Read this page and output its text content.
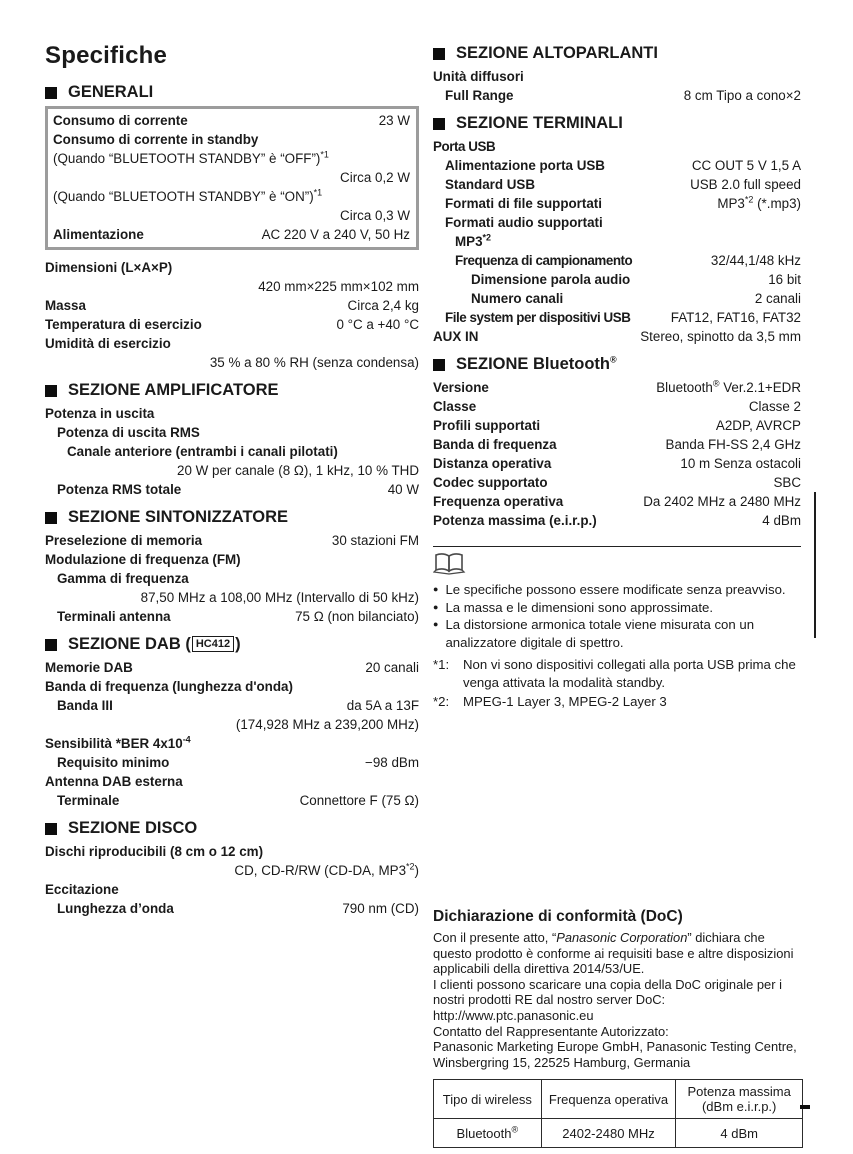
Specifiche
GENERALI
Consumo di corrente	23 W
Consumo di corrente in standby
(Quando “BLUETOOTH STANDBY” è “OFF”)$^{*1}$
Circa 0,2 W
(Quando “BLUETOOTH STANDBY” è “ON”)$^{*1}$
Circa 0,3 W
Alimentazione	AC 220 V a 240 V, 50 Hz
Dimensioni (L×A×P)
420 mm×225 mm×102 mm
Massa	Circa 2,4 kg
Temperatura di esercizio	0 °C a +40 °C
Umidità di esercizio
35 % a 80 % RH (senza condensa)
SEZIONE AMPLIFICATORE
Potenza in uscita
Potenza di uscita RMS
Canale anteriore (entrambi i canali pilotati)
20 W per canale (8 Ω), 1 kHz, 10 % THD
Potenza RMS totale	40 W
SEZIONE SINTONIZZATORE
Preselezione di memoria	30 stazioni FM
Modulazione di frequenza (FM)
Gamma di frequenza
87,50 MHz a 108,00 MHz (Intervallo di 50 kHz)
Terminali antenna	75 Ω (non bilanciato)
SEZIONE DAB ( HC412 )
Memorie DAB	20 canali
Banda di frequenza (lunghezza d'onda)
Banda III	da 5A a 13F
(174,928 MHz a 239,200 MHz)
Sensibilità *BER $4x10^{-4}$
Requisito minimo	−98 dBm
Antenna DAB esterna
Terminale	Connettore F (75 Ω)
SEZIONE DISCO
Dischi riproducibili (8 cm o 12 cm)
CD, CD-R/RW (CD-DA, MP3$^{*2}$)
Eccitazione
Lunghezza d’onda	790 nm (CD)
SEZIONE ALTOPARLANTI
Unità diffusori
Full Range	8 cm Tipo a cono×2
SEZIONE TERMINALI
Porta USB
Alimentazione porta USB	CC OUT 5 V 1,5 A
Standard USB	USB 2.0 full speed
Formati di file supportati	MP3$^{*2}$ (*.mp3)
Formati audio supportati
MP3$^{*2}$
Frequenza di campionamento	32/44,1/48 kHz
Dimensione parola audio	16 bit
Numero canali	2 canali
File system per dispositivi USB	FAT12, FAT16, FAT32
AUX IN	Stereo, spinotto da 3,5 mm
SEZIONE Bluetooth®
Versione	Bluetooth® Ver.2.1+EDR
Classe	Classe 2
Profili supportati	A2DP, AVRCP
Banda di frequenza	Banda FH-SS 2,4 GHz
Distanza operativa	10 m Senza ostacoli
Codec supportato	SBC
Frequenza operativa	Da 2402 MHz a 2480 MHz
Potenza massima (e.i.r.p.)	4 dBm
● Le specifiche possono essere modificate senza preavviso.
● La massa e le dimensioni sono approssimate.
● La distorsione armonica totale viene misurata con un analizzatore digitale di spettro.
*1:	Non vi sono dispositivi collegati alla porta USB prima che venga attivata la modalità standby.
*2:	MPEG-1 Layer 3, MPEG-2 Layer 3
Dichiarazione di conformità (DoC)

Con il presente atto, “Panasonic Corporation” dichiara che questo prodotto è conforme ai requisiti base e altre disposizioni applicabili della direttiva 2014/53/UE.

I clienti possono scaricare una copia della DoC originale per i nostri prodotti RE dal nostro server DoC:

http://www.ptc.panasonic.eu

Contatto del Rappresentante Autorizzato:

Panasonic Marketing Europe GmbH, Panasonic Testing Centre,

Winsbergring 15, 22525 Hamburg, Germania

Tipo di wireless	Frequenza operativa	Potenza massima (dBm e.i.r.p.)
Bluetooth®	2402-2480 MHz	4 dBm
